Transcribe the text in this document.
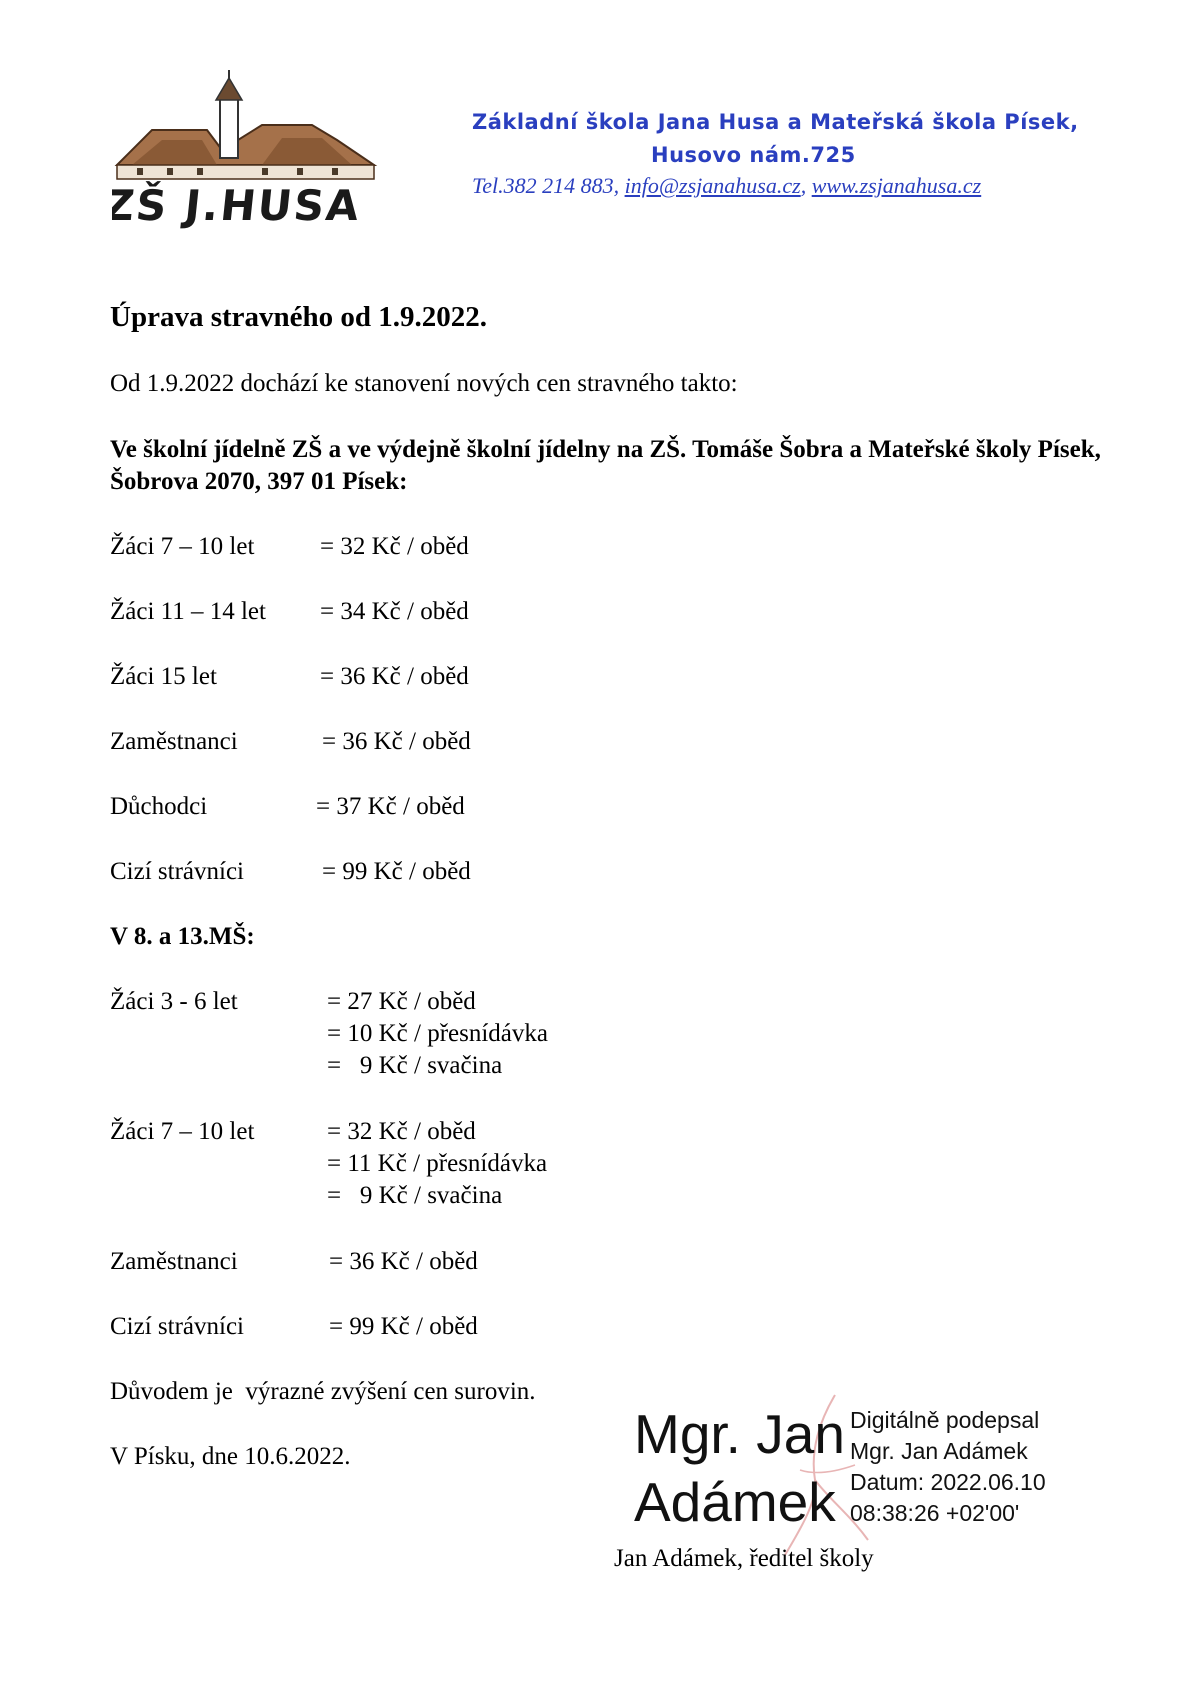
ZŠ J.HUSA
Základní škola Jana Husa a Mateřská škola Písek,
Husovo nám.725
Tel.382 214 883, info@zsjanahusa.cz, www.zsjanahusa.cz
Úprava stravného od 1.9.2022.
Od 1.9.2022 dochází ke stanovení nových cen stravného takto:
Ve školní jídelně ZŠ a ve výdejně školní jídelny na ZŠ. Tomáše Šobra a Mateřské školy Písek, Šobrova 2070, 397 01 Písek:
Žáci 7 – 10 let	= 32 Kč / oběd
Žáci 11 – 14 let = 34 Kč / oběd
Žáci 15 let	= 36 Kč / oběd
Zaměstnanci	= 36 Kč / oběd
Důchodci	= 37 Kč / oběd
Cizí strávníci	= 99 Kč / oběd
V 8. a 13.MŠ:
Žáci 3 - 6 let	= 27 Kč / oběd
= 10 Kč / přesnídávka
=   9 Kč / svačina
Žáci 7 – 10 let	= 32 Kč / oběd
= 11 Kč / přesnídávka
=   9 Kč / svačina
Zaměstnanci	= 36 Kč / oběd
Cizí strávníci	= 99 Kč / oběd
Důvodem je  výrazné zvýšení cen surovin.
V Písku, dne 10.6.2022.	Mgr. Jan
Adámek
Digitálně podepsal
Mgr. Jan Adámek
Datum: 2022.06.10
08:38:26 +02'00'
Jan Adámek, ředitel školy
